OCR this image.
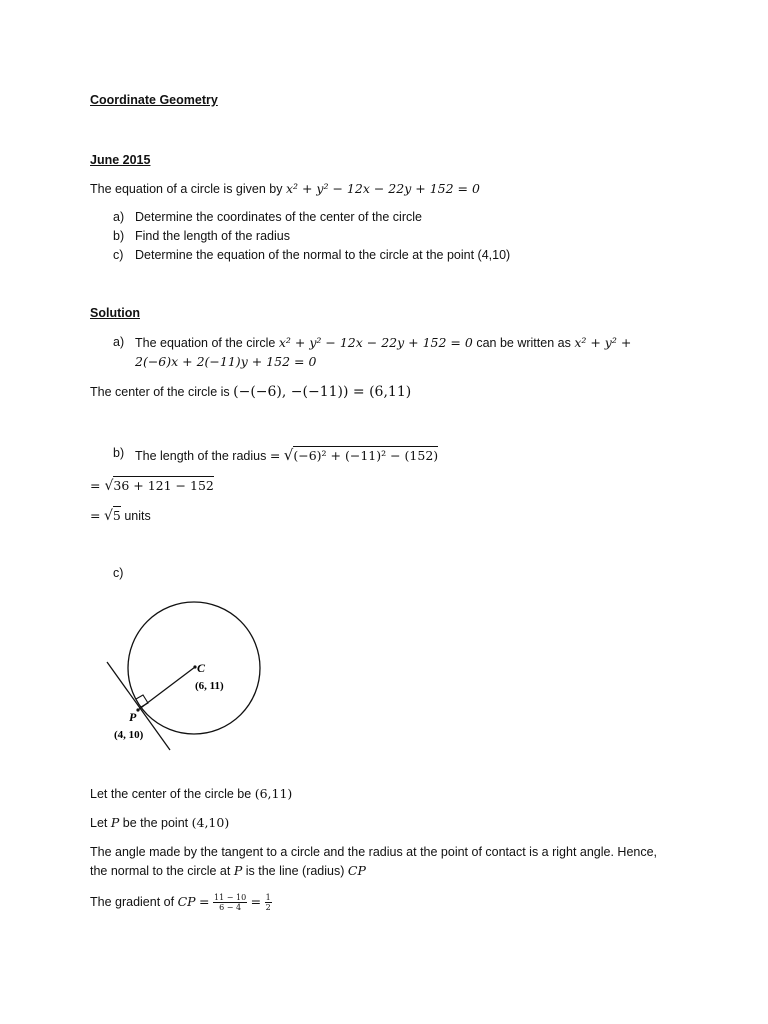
Coordinate Geometry
June 2015
The equation of a circle is given by x² + y² − 12x − 22y + 152 = 0
a) Determine the coordinates of the center of the circle
b) Find the length of the radius
c) Determine the equation of the normal to the circle at the point (4,10)
Solution
a) The equation of the circle x² + y² − 12x − 22y + 152 = 0 can be written as x² + y² +
2(−6)x + 2(−11)y + 152 = 0
The center of the circle is (−(−6), −(−11)) = (6,11)
b) The length of the radius = √(−6)² + (−11)² − (152)
= √36 + 121 − 152
= √5 units
c)
C
(6, 11)
P
(4, 10)
Let the center of the circle be (6,11)
Let P be the point (4,10)
The angle made by the tangent to a circle and the radius at the point of contact is a right angle. Hence,
the normal to the circle at P is the line (radius) CP
The gradient of CP = $\frac{11 - 10}{6 - 4} = \frac{1}{2}$
